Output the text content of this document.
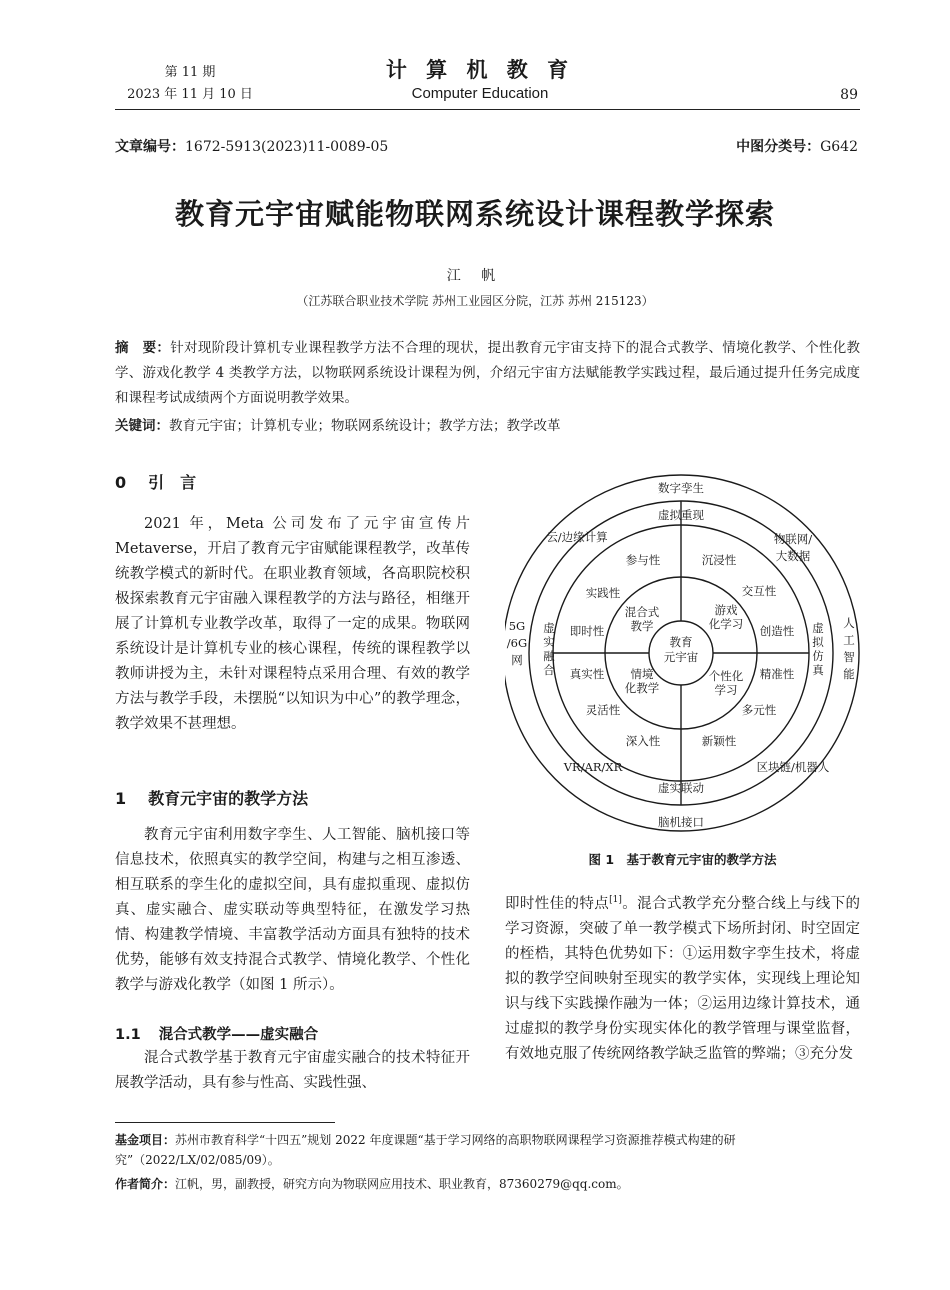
第 11 期
2023 年 11 月 10 日
计 算 机 教 育
Computer Education	89
文章编号：1672-5913(2023)11-0089-05	中图分类号：G642
教育元宇宙赋能物联网系统设计课程教学探索
江 帆
（江苏联合职业技术学院 苏州工业园区分院，江苏 苏州 215123）
摘　要：针对现阶段计算机专业课程教学方法不合理的现状，提出教育元宇宙支持下的混合式教学、情境化教学、个性化教学、游戏化教学 4 类教学方法，以物联网系统设计课程为例，介绍元宇宙方法赋能教学实践过程，最后通过提升任务完成度和课程考试成绩两个方面说明教学效果。
关键词：教育元宇宙；计算机专业；物联网系统设计；教学方法；教学改革
0 引　言

2021 年，Meta 公司发布了元宇宙宣传片 Metaverse，开启了教育元宇宙赋能课程教学，改革传统教学模式的新时代。在职业教育领域，各高职院校积极探索教育元宇宙融入课程教学的方法与路径，相继开展了计算机专业教学改革，取得了一定的成果。物联网系统设计是计算机专业的核心课程，传统的课程教学以教师讲授为主，未针对课程特点采用合理、有效的教学方法与教学手段，未摆脱“以知识为中心”的教学理念，教学效果不甚理想。

1 教育元宇宙的教学方法

教育元宇宙利用数字孪生、人工智能、脑机接口等信息技术，依照真实的教学空间，构建与之相互渗透、相互联系的孪生化的虚拟空间，具有虚拟重现、虚拟仿真、虚实融合、虚实联动等典型特征，在激发学习热情、构建教学情境、丰富教学活动方面具有独特的技术优势，能够有效支持混合式教学、情境化教学、个性化教学与游戏化教学（如图 1 所示）。

1.1 混合式教学——虚实融合

混合式教学基于教育元宇宙虚实融合的技术特征开展教学活动，具有参与性高、实践性强、

数字孪生
脑机接口
云/边缘计算
VR/AR/XR	区块链/机器人
虚拟重现
虚实联动
物联网/大数据
5G /6G 网
人工智能
虚实融合
虚拟仿真
参与性	沉浸性
实践性	交互性
即时性	创造性
真实性	精准性
灵活性	多元性
深入性	新颖性
混合式教学
游戏化学习
情境化教学
个性化学习
教育元宇宙
图 1　基于教育元宇宙的教学方法

即时性佳的特点[1]。混合式教学充分整合线上与线下的学习资源，突破了单一教学模式下场所封闭、时空固定的桎梏，其特色优势如下：①运用数字孪生技术，将虚拟的教学空间映射至现实的教学实体，实现线上理论知识与线下实践操作融为一体；②运用边缘计算技术，通过虚拟的教学身份实现实体化的教学管理与课堂监督，有效地克服了传统网络教学缺乏监管的弊端；③充分发

基金项目：苏州市教育科学“十四五”规划 2022 年度课题“基于学习网络的高职物联网课程学习资源推荐模式构建的研究”（2022/LX/02/085/09）。
作者简介：江帆，男，副教授，研究方向为物联网应用技术、职业教育，87360279@qq.com。
